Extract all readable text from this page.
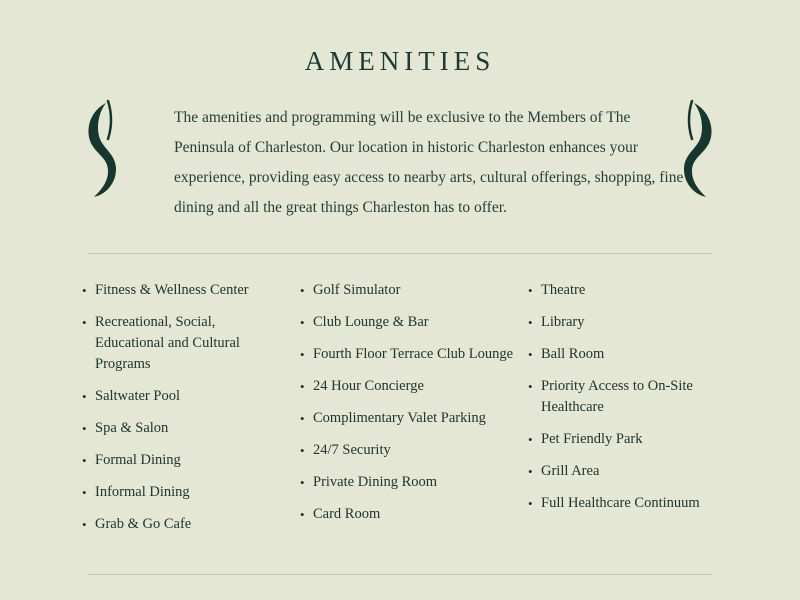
AMENITIES

The amenities and programming will be exclusive to the Members of The Peninsula of Charleston. Our location in historic Charleston enhances your experience, providing easy access to nearby arts, cultural offerings, shopping, fine dining and all the great things Charleston has to offer.

• Fitness & Wellness Center
• Recreational, Social, Educational and Cultural Programs
• Saltwater Pool
• Spa & Salon
• Formal Dining
• Informal Dining
• Grab & Go Cafe
• Golf Simulator
• Club Lounge & Bar
• Fourth Floor Terrace Club Lounge
• 24 Hour Concierge
• Complimentary Valet Parking
• 24/7 Security
• Private Dining Room
• Card Room
• Theatre
• Library
• Ball Room
• Priority Access to On-Site Healthcare
• Pet Friendly Park
• Grill Area
• Full Healthcare Continuum
